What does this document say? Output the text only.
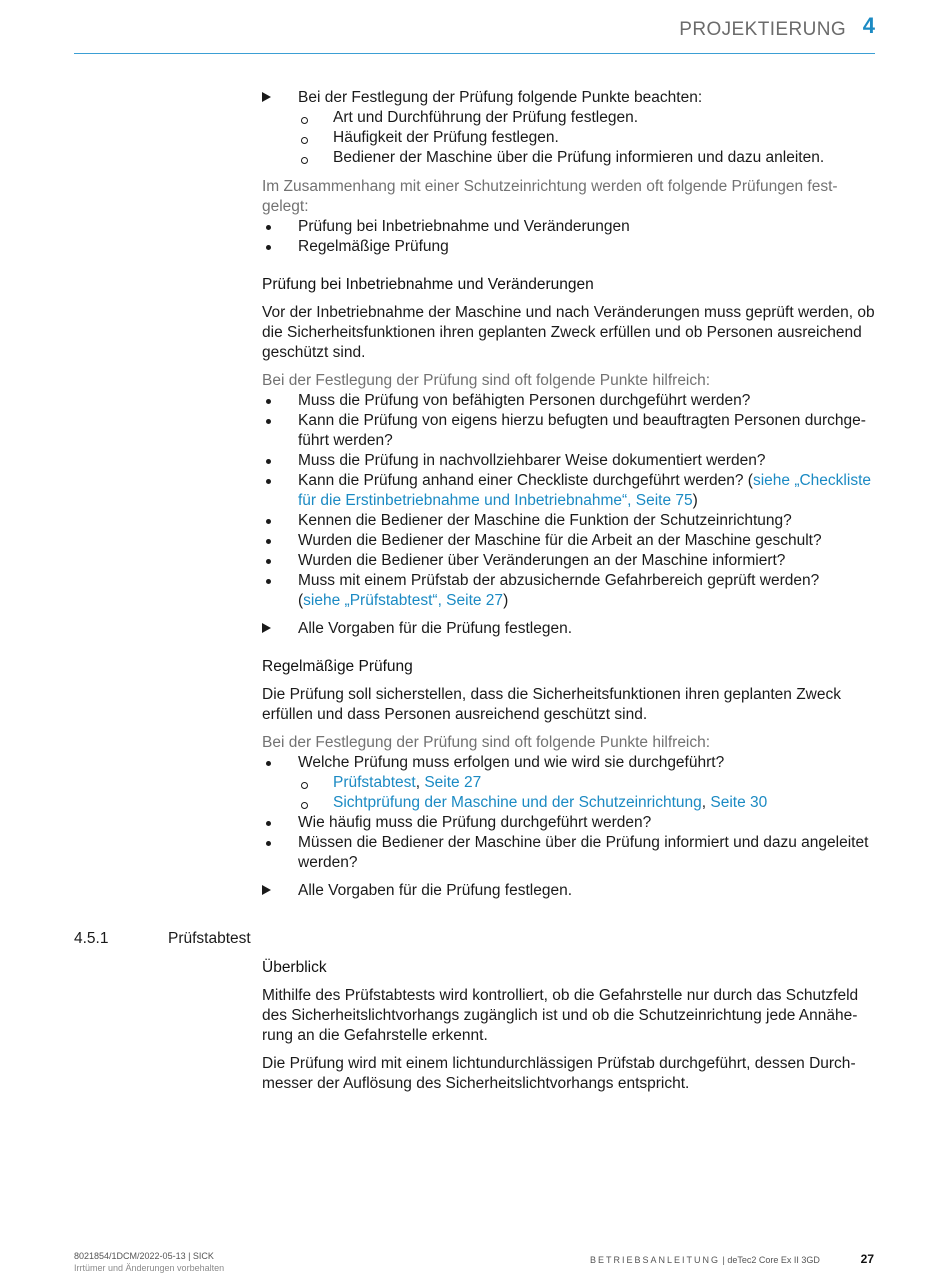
PROJEKTIERUNG 4

Bei der Festlegung der Prüfung folgende Punkte beachten:

Art und Durchführung der Prüfung festlegen.
Häufigkeit der Prüfung festlegen.
Bediener der Maschine über die Prüfung informieren und dazu anleiten.

Im Zusammenhang mit einer Schutzeinrichtung werden oft folgende Prüfungen festgelegt:

Prüfung bei Inbetriebnahme und Veränderungen
Regelmäßige Prüfung

Prüfung bei Inbetriebnahme und Veränderungen

Vor der Inbetriebnahme der Maschine und nach Veränderungen muss geprüft werden, ob die Sicherheitsfunktionen ihren geplanten Zweck erfüllen und ob Personen ausreichend geschützt sind.

Bei der Festlegung der Prüfung sind oft folgende Punkte hilfreich:

Muss die Prüfung von befähigten Personen durchgeführt werden?
Kann die Prüfung von eigens hierzu befugten und beauftragten Personen durchgeführt werden?
Muss die Prüfung in nachvollziehbarer Weise dokumentiert werden?
Kann die Prüfung anhand einer Checkliste durchgeführt werden? (siehe „Checkliste für die Erstinbetriebnahme und Inbetriebnahme“, Seite 75)
Kennen die Bediener der Maschine die Funktion der Schutzeinrichtung?
Wurden die Bediener der Maschine für die Arbeit an der Maschine geschult?
Wurden die Bediener über Veränderungen an der Maschine informiert?
Muss mit einem Prüfstab der abzusichernde Gefahrbereich geprüft werden?
(siehe „Prüfstabtest“, Seite 27)

Alle Vorgaben für die Prüfung festlegen.

Regelmäßige Prüfung

Die Prüfung soll sicherstellen, dass die Sicherheitsfunktionen ihren geplanten Zweck erfüllen und dass Personen ausreichend geschützt sind.

Bei der Festlegung der Prüfung sind oft folgende Punkte hilfreich:

Welche Prüfung muss erfolgen und wie wird sie durchgeführt?
Prüfstabtest, Seite 27
Sichtprüfung der Maschine und der Schutzeinrichtung, Seite 30
Wie häufig muss die Prüfung durchgeführt werden?
Müssen die Bediener der Maschine über die Prüfung informiert und dazu angeleitet werden?

Alle Vorgaben für die Prüfung festlegen.

4.5.1	Prüfstabtest

Überblick

Mithilfe des Prüfstabtests wird kontrolliert, ob die Gefahrstelle nur durch das Schutzfeld des Sicherheitslichtvorhangs zugänglich ist und ob die Schutzeinrichtung jede Annäherung an die Gefahrstelle erkennt.

Die Prüfung wird mit einem lichtundurchlässigen Prüfstab durchgeführt, dessen Durchmesser der Auflösung des Sicherheitslichtvorhangs entspricht.

8021854/1DCM/2022-05-13 | SICK
Irrtümer und Änderungen vorbehalten
BETRIEBSANLEITUNG | deTec2 Core Ex II 3GD	27
